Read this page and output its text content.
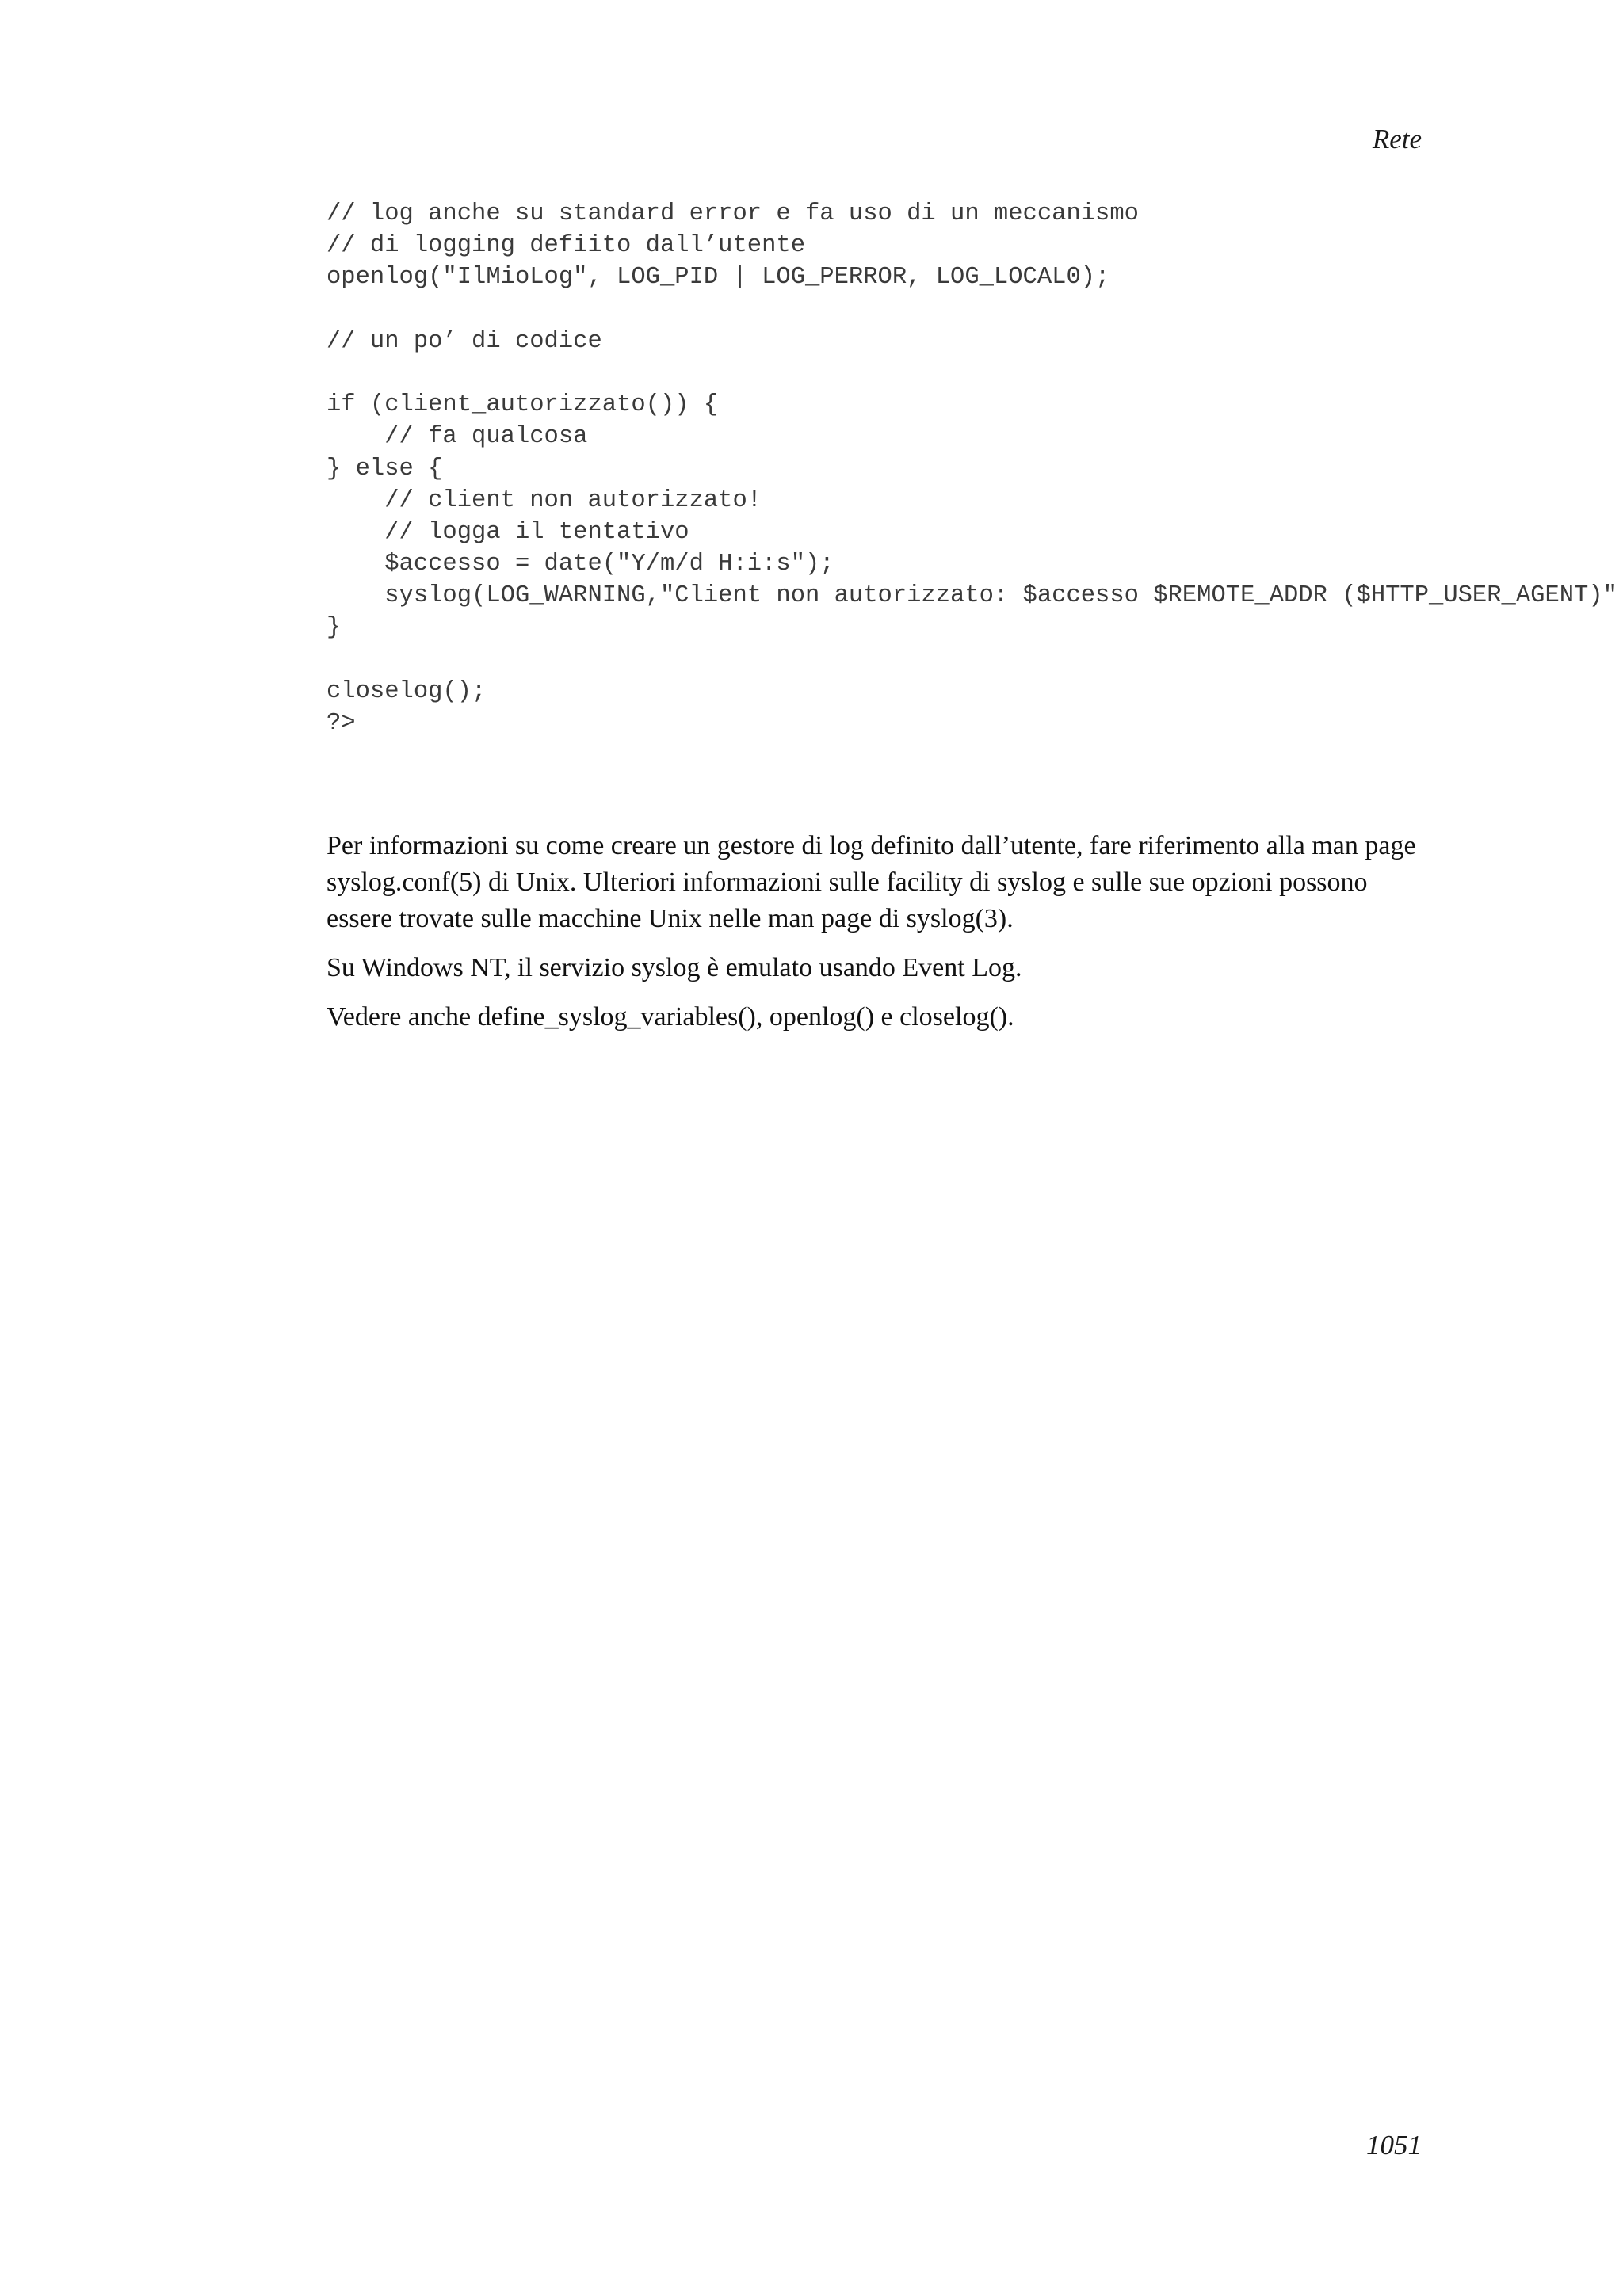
Rete
// log anche su standard error e fa uso di un meccanismo
// di logging defiito dall’utente
openlog("IlMioLog", LOG_PID | LOG_PERROR, LOG_LOCAL0);
// un po’ di codice
if (client_autorizzato()) {
// fa qualcosa
} else {
// client non autorizzato!
// logga il tentativo
$accesso = date("Y/m/d H:i:s");
syslog(LOG_WARNING,"Client non autorizzato: $accesso $REMOTE_ADDR ($HTTP_USER_AGENT)"
}
closelog();
?>

Per informazioni su come creare un gestore di log definito dall’utente, fare riferimento alla man page syslog.conf(5) di Unix. Ulteriori informazioni sulle facility di syslog e sulle sue opzioni possono essere trovate sulle macchine Unix nelle man page di syslog(3).

Su Windows NT, il servizio syslog è emulato usando Event Log.

Vedere anche define_syslog_variables(), openlog() e closelog().

1051
